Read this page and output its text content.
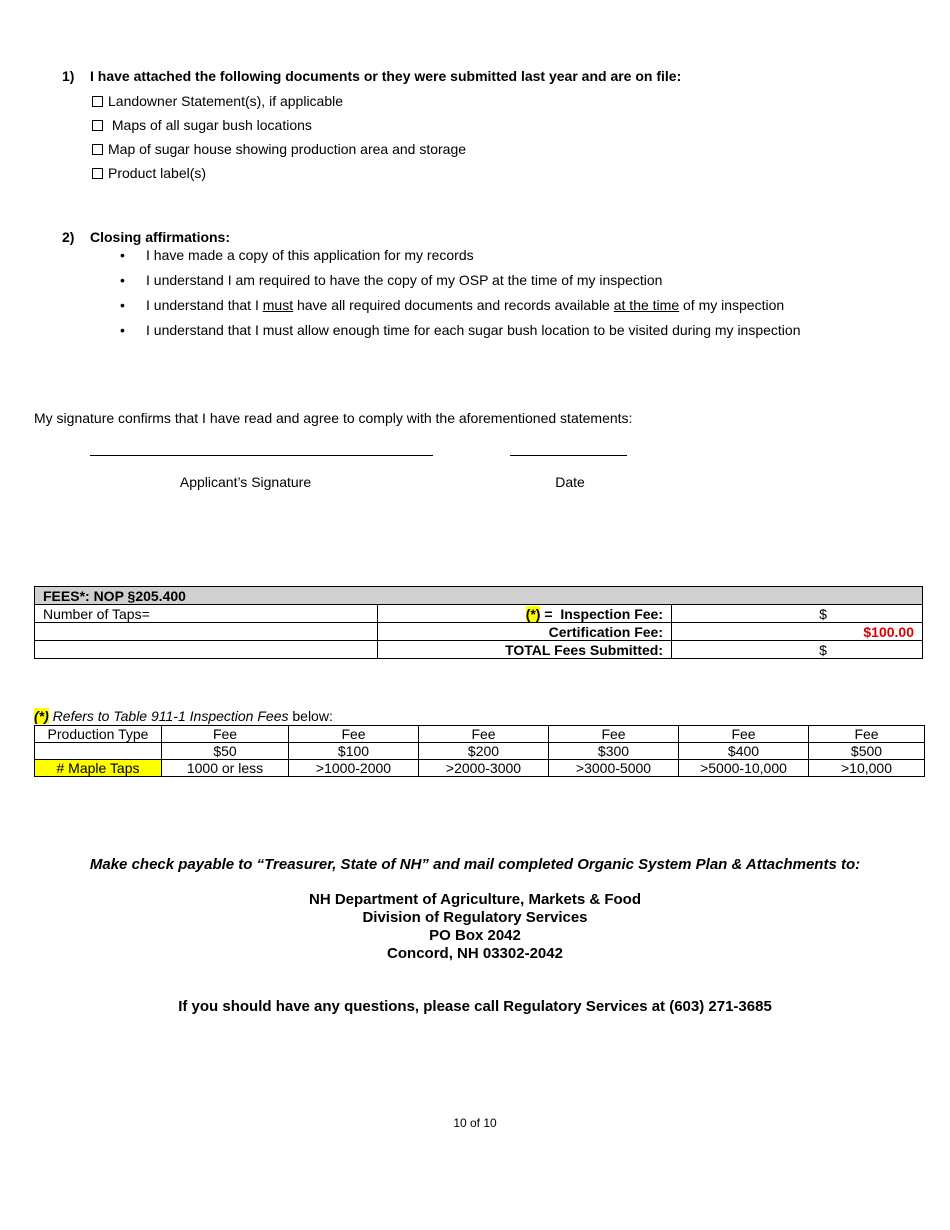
1) I have attached the following documents or they were submitted last year and are on file:
Landowner Statement(s), if applicable
Maps of all sugar bush locations
Map of sugar house showing production area and storage
Product label(s)
2) Closing affirmations:
• I have made a copy of this application for my records
• I understand I am required to have the copy of my OSP at the time of my inspection
• I understand that I must have all required documents and records available at the time of my inspection
• I understand that I must allow enough time for each sugar bush location to be visited during my inspection
My signature confirms that I have read and agree to comply with the aforementioned statements:
Applicant’s Signature	Date
FEES*: NOP §205.400		
Number of Taps=	(*) =  Inspection Fee:	$
	Certification Fee:	$100.00
	TOTAL Fees Submitted:	$
(*) Refers to Table 911-1 Inspection Fees below:
Production Type	Fee	Fee	Fee	Fee	Fee	Fee
	$50	$100	$200	$300	$400	$500
# Maple Taps	1000 or less	>1000-2000	>2000-3000	>3000-5000	>5000-10,000	>10,000
Make check payable to “Treasurer, State of NH” and mail completed Organic System Plan & Attachments to:
NH Department of Agriculture, Markets & Food
Division of Regulatory Services
PO Box 2042
Concord, NH 03302-2042
If you should have any questions, please call Regulatory Services at (603) 271-3685
10 of 10
